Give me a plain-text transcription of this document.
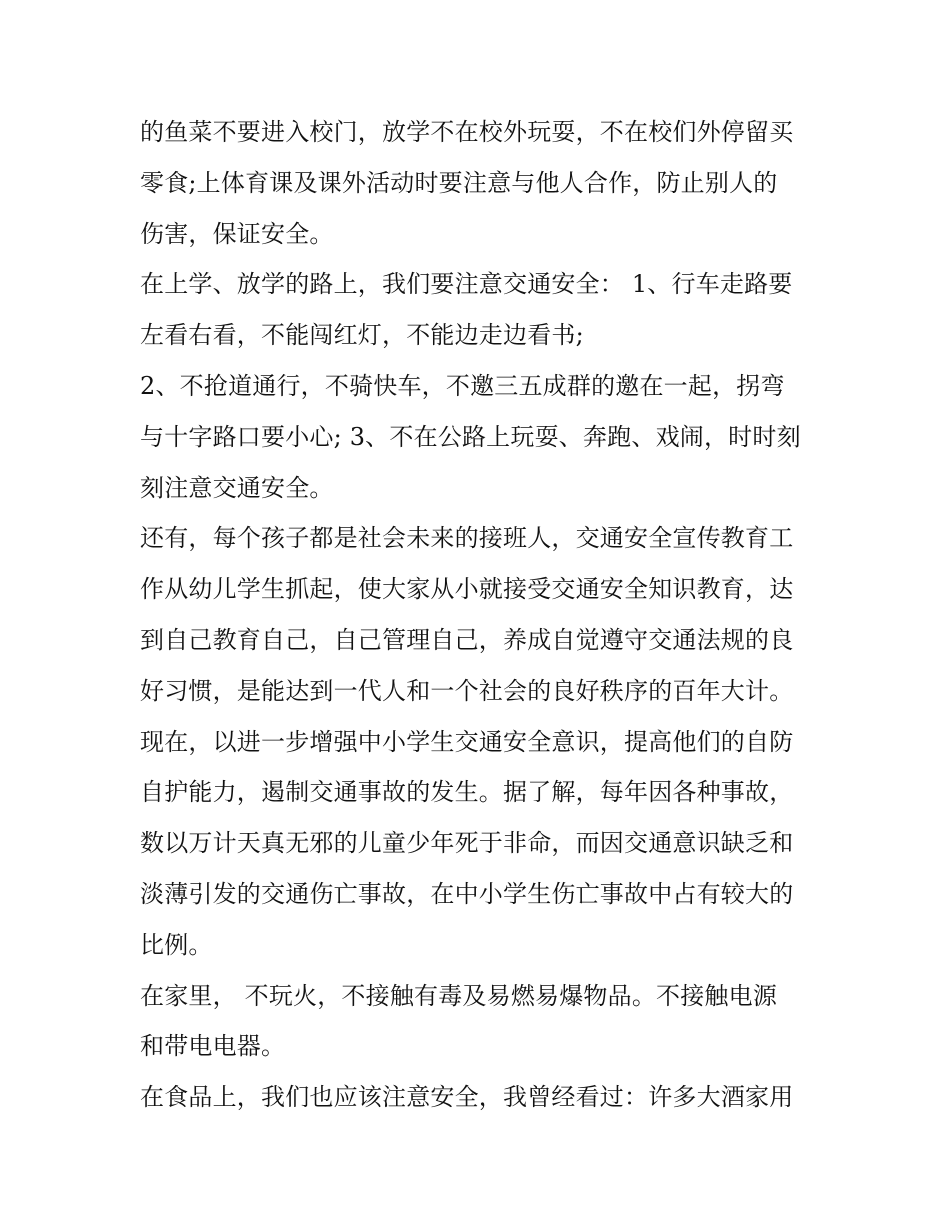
的鱼菜不要进入校门，放学不在校外玩耍，不在校们外停留买
零食;上体育课及课外活动时要注意与他人合作，防止别人的
伤害，保证安全。
在上学、放学的路上，我们要注意交通安全： 1、行车走路要
左看右看，不能闯红灯，不能边走边看书;
2、不抢道通行，不骑快车，不邀三五成群的邀在一起，拐弯
与十字路口要小心; 3、不在公路上玩耍、奔跑、戏闹，时时刻
刻注意交通安全。
还有，每个孩子都是社会未来的接班人，交通安全宣传教育工
作从幼儿学生抓起，使大家从小就接受交通安全知识教育，达
到自己教育自己，自己管理自己，养成自觉遵守交通法规的良
好习惯，是能达到一代人和一个社会的良好秩序的百年大计。
现在，以进一步增强中小学生交通安全意识，提高他们的自防
自护能力，遏制交通事故的发生。据了解，每年因各种事故，
数以万计天真无邪的儿童少年死于非命，而因交通意识缺乏和
淡薄引发的交通伤亡事故，在中小学生伤亡事故中占有较大的
比例。
在家里， 不玩火，不接触有毒及易燃易爆物品。不接触电源
和带电电器。
在食品上，我们也应该注意安全，我曾经看过：许多大酒家用
